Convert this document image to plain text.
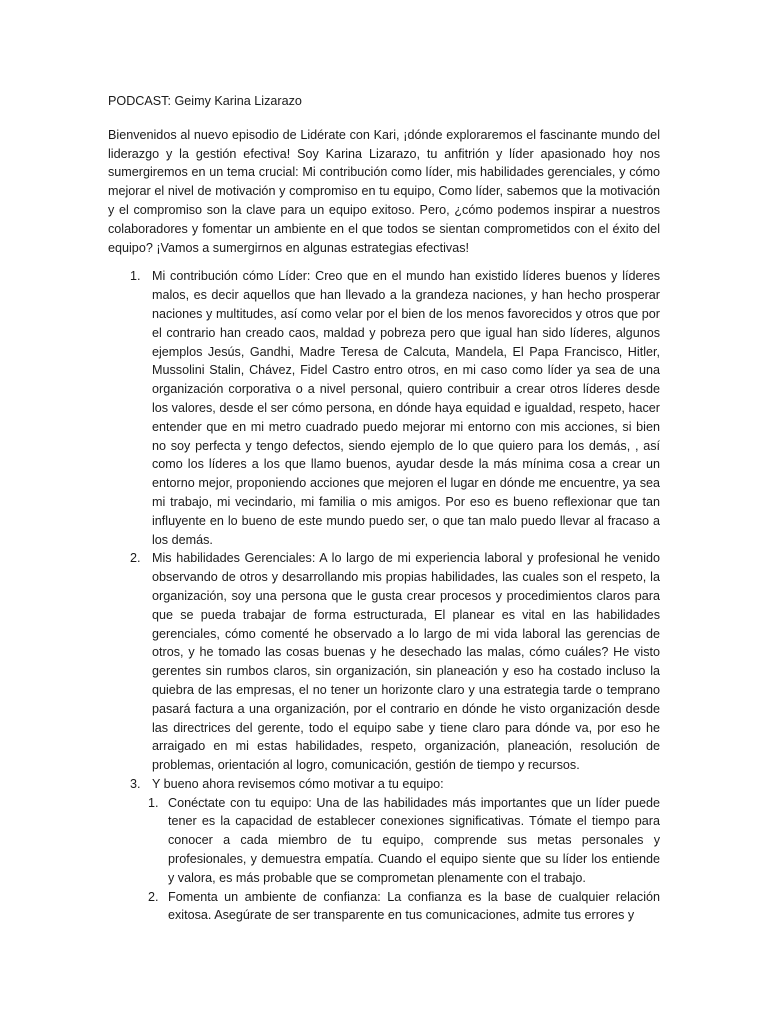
PODCAST: Geimy Karina Lizarazo

Bienvenidos al nuevo episodio de Lidérate con Kari, ¡dónde exploraremos el fascinante mundo del liderazgo y la gestión efectiva! Soy Karina Lizarazo, tu anfitrión y líder apasionado hoy nos sumergiremos en un tema crucial: Mi contribución como líder, mis habilidades gerenciales, y cómo mejorar el nivel de motivación y compromiso en tu equipo, Como líder, sabemos que la motivación y el compromiso son la clave para un equipo exitoso. Pero, ¿cómo podemos inspirar a nuestros colaboradores y fomentar un ambiente en el que todos se sientan comprometidos con el éxito del equipo? ¡Vamos a sumergirnos en algunas estrategias efectivas!

1. Mi contribución cómo Líder: Creo que en el mundo han existido líderes buenos y líderes malos, es decir aquellos que han llevado a la grandeza naciones, y han hecho prosperar naciones y multitudes, así como velar por el bien de los menos favorecidos y otros que por el contrario han creado caos, maldad y pobreza pero que igual han sido líderes, algunos ejemplos Jesús, Gandhi, Madre Teresa de Calcuta, Mandela, El Papa Francisco, Hitler, Mussolini Stalin, Chávez, Fidel Castro entro otros, en mi caso como líder ya sea de una organización corporativa o a nivel personal, quiero contribuir a crear otros líderes desde los valores, desde el ser cómo persona, en dónde haya equidad e igualdad, respeto, hacer entender que en mi metro cuadrado puedo mejorar mi entorno con mis acciones, si bien no soy perfecta y tengo defectos, siendo ejemplo de lo que quiero para los demás, , así como los líderes a los que llamo buenos, ayudar desde la más mínima cosa a crear un entorno mejor, proponiendo acciones que mejoren el lugar en dónde me encuentre, ya sea mi trabajo, mi vecindario, mi familia o mis amigos. Por eso es bueno reflexionar que tan influyente en lo bueno de este mundo puedo ser, o que tan malo puedo llevar al fracaso a los demás.
2. Mis habilidades Gerenciales: A lo largo de mi experiencia laboral y profesional he venido observando de otros y desarrollando mis propias habilidades, las cuales son el respeto, la organización, soy una persona que le gusta crear procesos y procedimientos claros para que se pueda trabajar de forma estructurada, El planear es vital en las habilidades gerenciales, cómo comenté he observado a lo largo de mi vida laboral las gerencias de otros, y he tomado las cosas buenas y he desechado las malas, cómo cuáles? He visto gerentes sin rumbos claros, sin organización, sin planeación y eso ha costado incluso la quiebra de las empresas, el no tener un horizonte claro y una estrategia tarde o temprano pasará factura a una organización, por el contrario en dónde he visto organización desde las directrices del gerente, todo el equipo sabe y tiene claro para dónde va, por eso he arraigado en mi estas habilidades, respeto, organización, planeación, resolución de problemas, orientación al logro, comunicación, gestión de tiempo y recursos.
3. Y bueno ahora revisemos cómo motivar a tu equipo:
1. Conéctate con tu equipo: Una de las habilidades más importantes que un líder puede tener es la capacidad de establecer conexiones significativas. Tómate el tiempo para conocer a cada miembro de tu equipo, comprende sus metas personales y profesionales, y demuestra empatía. Cuando el equipo siente que su líder los entiende y valora, es más probable que se comprometan plenamente con el trabajo.
2. Fomenta un ambiente de confianza: La confianza es la base de cualquier relación exitosa. Asegúrate de ser transparente en tus comunicaciones, admite tus errores y
